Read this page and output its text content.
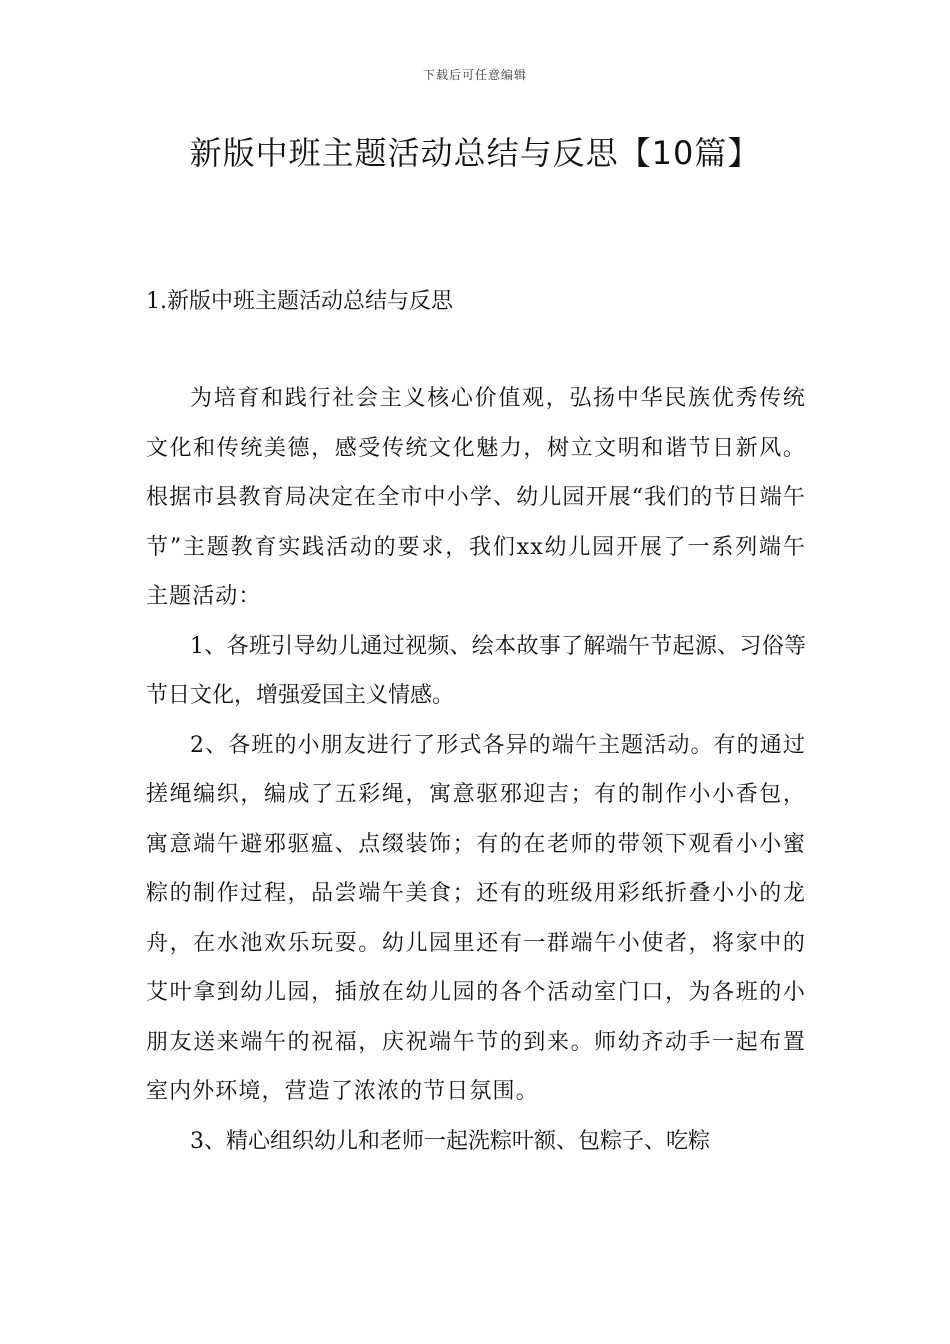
下载后可任意编辑
新版中班主题活动总结与反思【10篇】
1.新版中班主题活动总结与反思

为培育和践行社会主义核心价值观，弘扬中华民族优秀传统文化和传统美德，感受传统文化魅力，树立文明和谐节日新风。根据市县教育局决定在全市中小学、幼儿园开展“我们的节日端午节”主题教育实践活动的要求，我们xx幼儿园开展了一系列端午主题活动：

1、各班引导幼儿通过视频、绘本故事了解端午节起源、习俗等节日文化，增强爱国主义情感。

2、各班的小朋友进行了形式各异的端午主题活动。有的通过搓绳编织，编成了五彩绳，寓意驱邪迎吉；有的制作小小香包，寓意端午避邪驱瘟、点缀装饰；有的在老师的带领下观看小小蜜粽的制作过程，品尝端午美食；还有的班级用彩纸折叠小小的龙舟，在水池欢乐玩耍。幼儿园里还有一群端午小使者，将家中的艾叶拿到幼儿园，插放在幼儿园的各个活动室门口，为各班的小朋友送来端午的祝福，庆祝端午节的到来。师幼齐动手一起布置室内外环境，营造了浓浓的节日氛围。

3、精心组织幼儿和老师一起洗粽叶额、包粽子、吃粽
